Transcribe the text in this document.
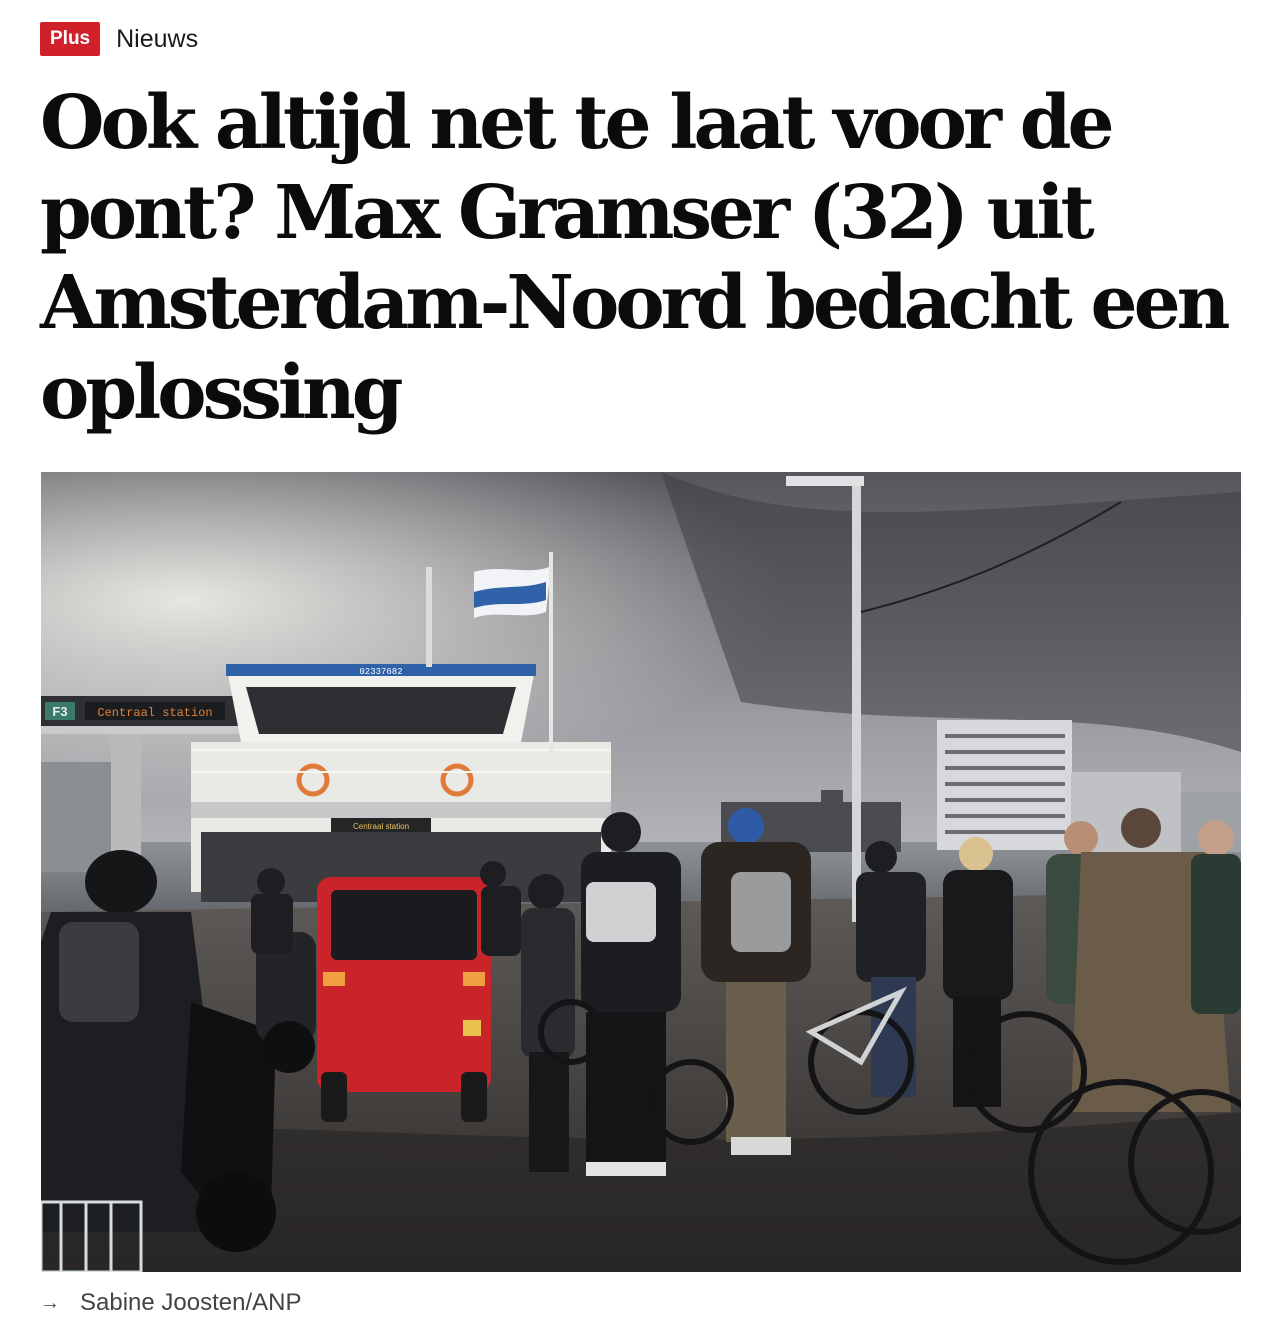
Plus	Nieuws
Ook altijd net te laat voor de pont? Max Gramser (32) uit Amsterdam-Noord bedacht een oplossing
F3 Centraal station
02337682
Centraal station
→ Sabine Joosten/ANP
